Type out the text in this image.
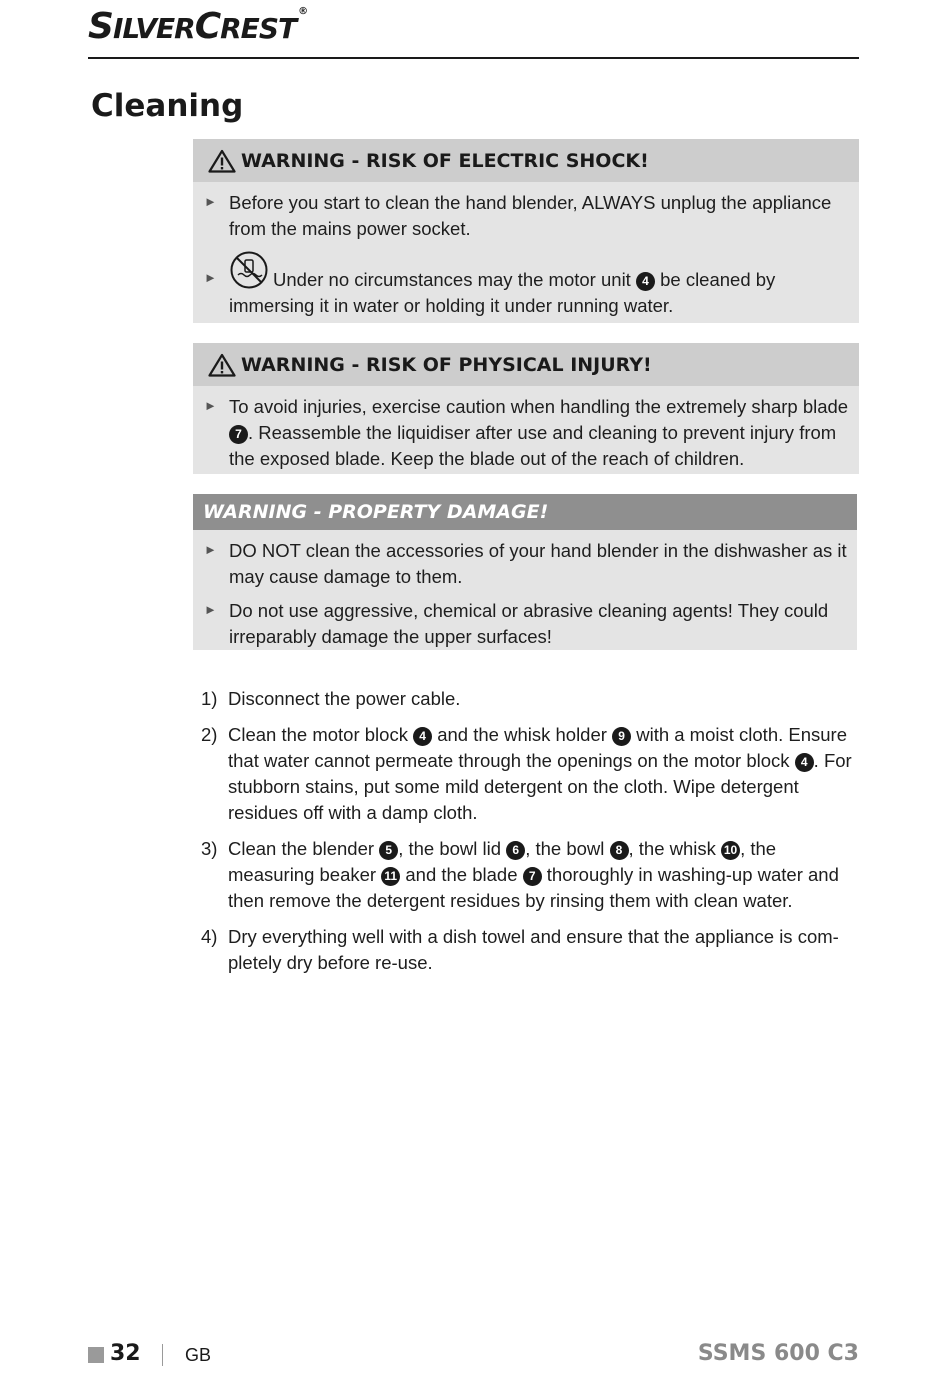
SILVERCREST®
Cleaning
WARNING - RISK OF ELECTRIC SHOCK!
► Before you start to clean the hand blender, ALWAYS unplug the appliance from the mains power socket.
►	Under no circumstances may the motor unit 4 be cleaned by immersing it in water or holding it under running water.
WARNING - RISK OF PHYSICAL INJURY!
► To avoid injuries, exercise caution when handling the extremely sharp blade 7 . Reassemble the liquidiser after use and cleaning to prevent injury from the exposed blade. Keep the blade out of the reach of children.
WARNING - PROPERTY DAMAGE!
► DO NOT clean the accessories of your hand blender in the dishwasher as it may cause damage to them.
► Do not use aggressive, chemical or abrasive cleaning agents! They could irreparably damage the upper surfaces!
1) Disconnect the power cable.
2) Clean the motor block 4 and the whisk holder 9 with a moist cloth. Ensure that water cannot permeate through the openings on the motor block 4 . For stubborn stains, put some mild detergent on the cloth. Wipe detergent residues off with a damp cloth.
3) Clean the blender 5 , the bowl lid 6 , the bowl 8 , the whisk 10 , the measuring beaker 11 and the blade 7 thoroughly in washing-up water and then remove the detergent residues by rinsing them with clean water.
4) Dry everything well with a dish towel and ensure that the appliance is com-pletely dry before re-use.
32 GB	SSMS 600 C3
